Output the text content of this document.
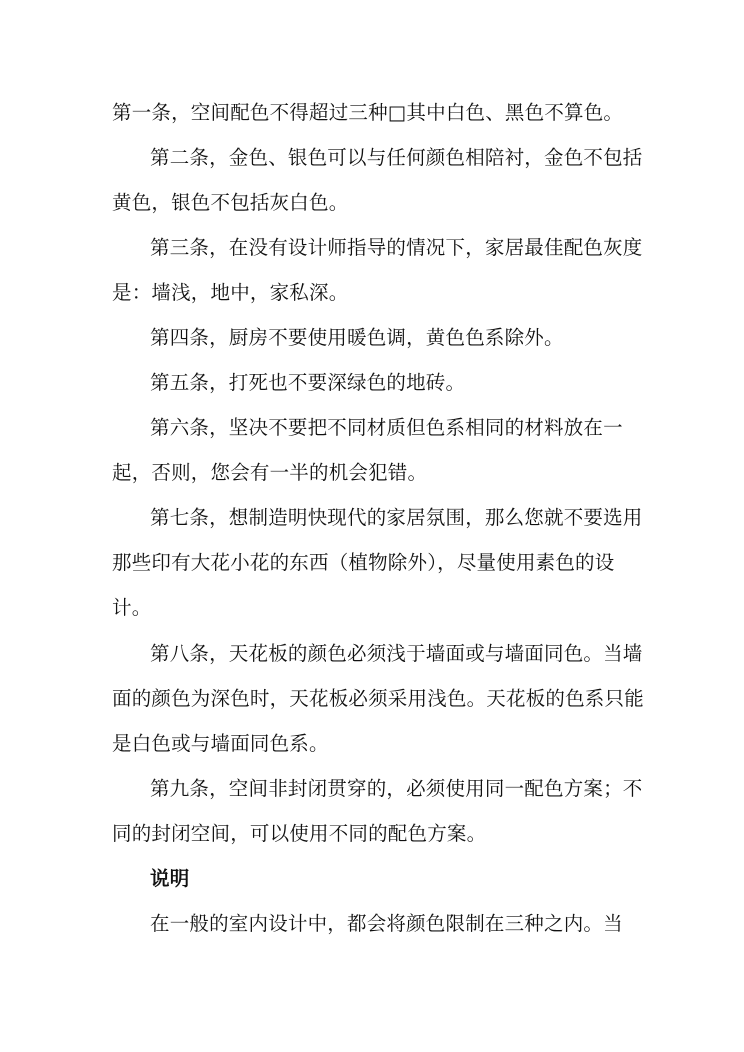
第一条，空间配色不得超过三种□其中白色、黑色不算色。
第二条，金色、银色可以与任何颜色相陪衬，金色不包括
黄色，银色不包括灰白色。
第三条，在没有设计师指导的情况下，家居最佳配色灰度
是：墙浅，地中，家私深。
第四条，厨房不要使用暖色调，黄色色系除外。
第五条，打死也不要深绿色的地砖。
第六条，坚决不要把不同材质但色系相同的材料放在一
起，否则，您会有一半的机会犯错。
第七条，想制造明快现代的家居氛围，那么您就不要选用
那些印有大花小花的东西（植物除外），尽量使用素色的设
计。
第八条，天花板的颜色必须浅于墙面或与墙面同色。当墙
面的颜色为深色时，天花板必须采用浅色。天花板的色系只能
是白色或与墙面同色系。
第九条，空间非封闭贯穿的，必须使用同一配色方案；不
同的封闭空间，可以使用不同的配色方案。
说明
在一般的室内设计中，都会将颜色限制在三种之内。当
